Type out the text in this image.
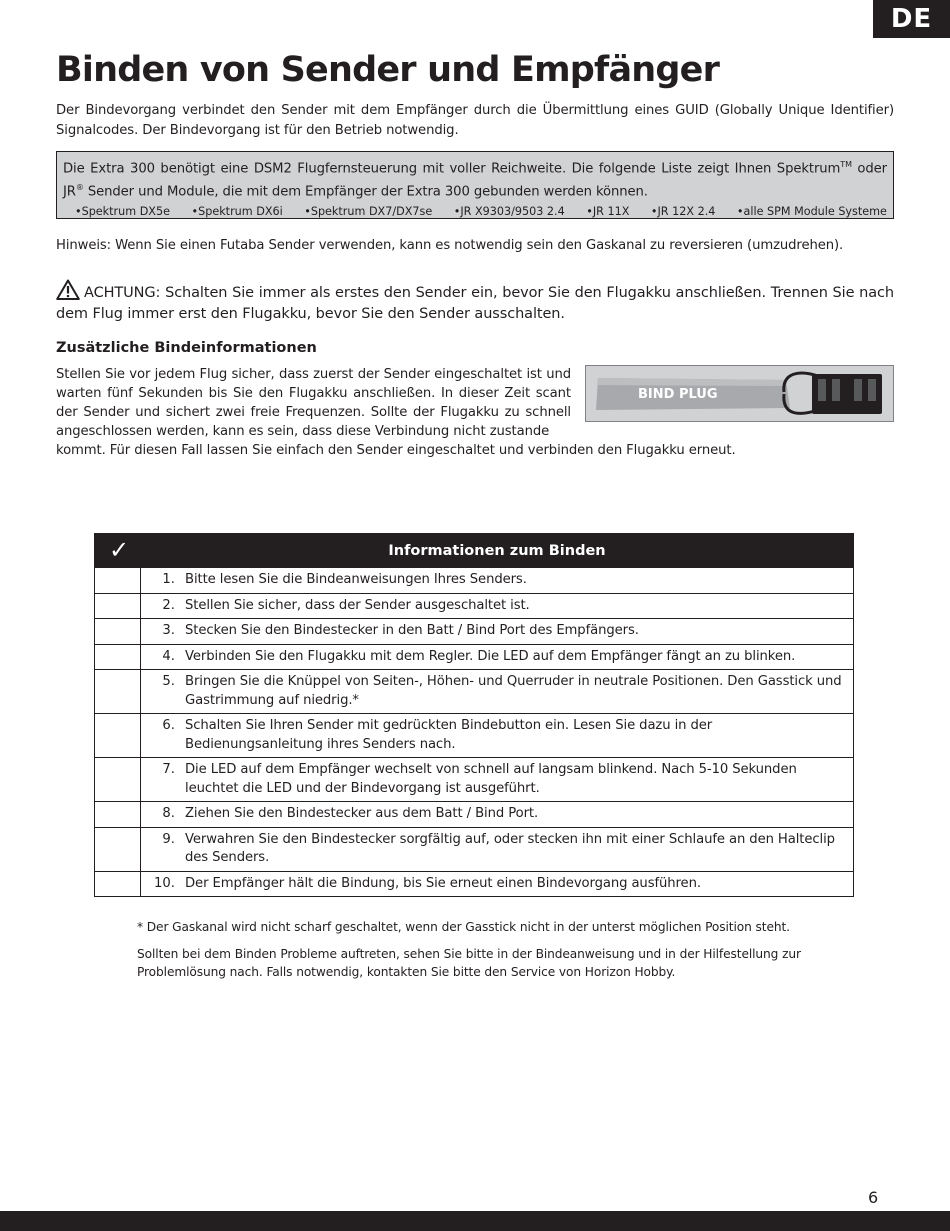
DE
Binden von Sender und Empfänger

Der Bindevorgang verbindet den Sender mit dem Empfänger durch die Übermittlung eines GUID (Globally Unique Identifier) Signalcodes. Der Bindevorgang ist für den Betrieb notwendig.

Die Extra 300 benötigt eine DSM2 Flugfernsteuerung mit voller Reichweite. Die folgende Liste zeigt Ihnen Spektrum™ oder JR® Sender und Module, die mit dem Empfänger der Extra 300 gebunden werden können.

•Spektrum DX5e •Spektrum DX6i •Spektrum DX7/DX7se •JR X9303/9503 2.4 •JR 11X •JR 12X 2.4 •alle SPM Module Systeme

Hinweis: Wenn Sie einen Futaba Sender verwenden, kann es notwendig sein den Gaskanal zu reversieren (umzudrehen).

ACHTUNG: Schalten Sie immer als erstes den Sender ein, bevor Sie den Flugakku anschließen. Trennen Sie nach dem Flug immer erst den Flugakku, bevor Sie den Sender ausschalten.

Zusätzliche Bindeinformationen

Stellen Sie vor jedem Flug sicher, dass zuerst der Sender eingeschaltet ist und warten fünf Sekunden bis Sie den Flugakku anschließen. In dieser Zeit scant der Sender und sichert zwei freie Frequenzen. Sollte der Flugakku zu schnell angeschlossen werden, kann es sein, dass diese Verbindung nicht zustande

kommt. Für diesen Fall lassen Sie einfach den Sender eingeschaltet und verbinden den Flugakku erneut.

BIND PLUG
✓	Informationen zum Binden
1. Bitte lesen Sie die Bindeanweisungen Ihres Senders.
2. Stellen Sie sicher, dass der Sender ausgeschaltet ist.
3. Stecken Sie den Bindestecker in den Batt / Bind Port des Empfängers.
4. Verbinden Sie den Flugakku mit dem Regler. Die LED auf dem Empfänger fängt an zu blinken.
5. Bringen Sie die Knüppel von Seiten-, Höhen- und Querruder in neutrale Positionen. Den Gasstick und Gastrimmung auf niedrig.*
6. Schalten Sie Ihren Sender mit gedrückten Bindebutton ein. Lesen Sie dazu in der Bedienungsanleitung ihres Senders nach.
7. Die LED auf dem Empfänger wechselt von schnell auf langsam blinkend. Nach 5-10 Sekunden leuchtet die LED und der Bindevorgang ist ausgeführt.
8. Ziehen Sie den Bindestecker aus dem Batt / Bind Port.
9. Verwahren Sie den Bindestecker sorgfältig auf, oder stecken ihn mit einer Schlaufe an den Halteclip des Senders.
10. Der Empfänger hält die Bindung, bis Sie erneut einen Bindevorgang ausführen.

* Der Gaskanal wird nicht scharf geschaltet, wenn der Gasstick nicht in der unterst möglichen Position steht.

Sollten bei dem Binden Probleme auftreten, sehen Sie bitte in der Bindeanweisung und in der Hilfestellung zur Problemlösung nach. Falls notwendig, kontakten Sie bitte den Service von Horizon Hobby.

6
